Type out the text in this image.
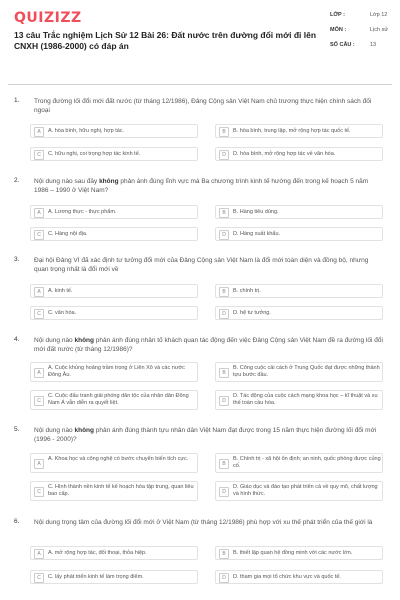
QUIZIZZ
13 câu Trắc nghiệm Lịch Sử 12 Bài 26: Đất nước trên đường đổi mới đi lên CNXH (1986-2000) có đáp án
LỚP :	Lớp 12
MÔN :	Lịch sử
SỐ CÂU :	13
1. Trong đường lối đổi mới đất nước (từ tháng 12/1986), Đảng Cộng sản Việt Nam chủ trương thực hiện chính sách đối ngoại
A	A. hòa bình, hữu nghị, hợp tác.	B	B. hòa bình, trung lập, mở rộng hợp tác quốc tế.
C	C. hữu nghị, coi trọng hợp tác kinh tế.	D	D. hòa bình, mở rộng hợp tác về văn hóa.
2. Nội dung nào sau đây không phản ánh đúng lĩnh vực mà Ba chương trình kinh tế hướng đến trong kế hoạch 5 năm 1986 – 1990 ở Việt Nam?
A	A. Lương thực - thực phẩm.	B	B. Hàng tiêu dùng.
C	C. Hàng nội địa.	D	D. Hàng xuất khẩu.
3. Đại hội Đảng VI đã xác định tư tưởng đổi mới của Đảng Cộng sản Việt Nam là đổi mới toàn diện và đồng bộ, nhưng quan trọng nhất là đổi mới về
A	A. kinh tế.	B	B. chính trị.
C	C. văn hóa.	D	D. hệ tư tưởng.
4. Nội dung nào không phản ánh đúng nhân tố khách quan tác động đến việc Đảng Cộng sản Việt Nam đề ra đường lối đổi mới đất nước (từ tháng 12/1986)?
A
A. Cuộc khủng hoảng trầm trọng ở Liên Xô và các nước Đông Âu.	B
B. Công cuộc cải cách ở Trung Quốc đạt được những thành tựu bước đầu.
C
C. Cuộc đấu tranh giải phóng dân tộc của nhân dân Đông Nam Á vẫn diễn ra quyết liệt.	D
D. Tác động của cuộc cách mạng khoa học – kĩ thuật và xu thế toàn cầu hóa.
5. Nội dung nào không phản ánh đúng thành tựu nhân dân Việt Nam đạt được trong 15 năm thực hiện đường lối đổi mới (1996 - 2000)?
A
A. Khoa học và công nghệ có bước chuyển biến tích cực.
B
B. Chính trị - xã hội ổn định; an ninh, quốc phòng được củng cố.
C
C. Hình thành nền kinh tế kế hoạch hóa tập trung, quan liêu bao cấp.	D
D. Giáo dục và đào tạo phát triển cả về quy mô, chất lượng và hình thức.
6. Nội dung trọng tâm của đường lối đổi mới ở Việt Nam (từ tháng 12/1986) phù hợp với xu thế phát triển của thế giới là
A	A. mở rộng hợp tác, đối thoại, thỏa hiệp.	B	B. thiết lập quan hệ đồng minh với các nước lớn.
C	C. lấy phát triển kinh tế làm trọng điểm.	D	D. tham gia mọi tổ chức khu vực và quốc tế.
